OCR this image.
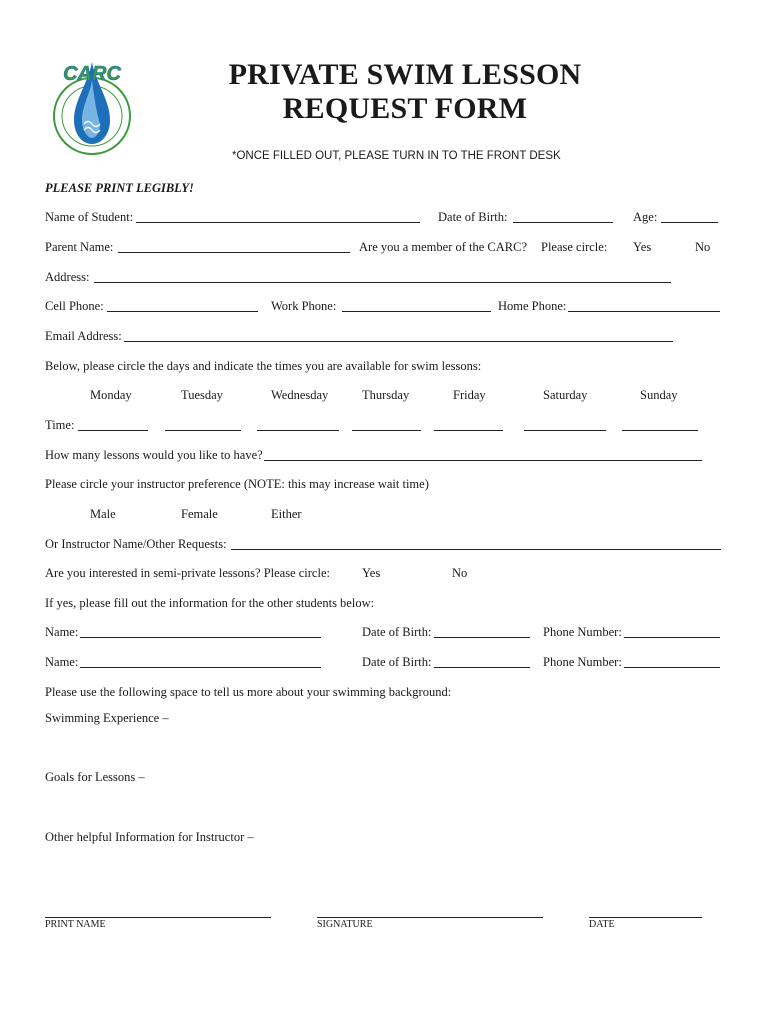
CARC	PRIVATE SWIM LESSON
REQUEST FORM
*ONCE FILLED OUT, PLEASE TURN IN TO THE FRONT DESK
PLEASE PRINT LEGIBLY!
Name of Student:	Date of Birth:	Age:
Parent Name:	Are you a member of the CARC? Please circle: Yes	No
Address:
Cell Phone:	Work Phone:	Home Phone:
Email Address:
Below, please circle the days and indicate the times you are available for swim lessons:
Monday	Tuesday	Wednesday	Thursday	Friday	Saturday	Sunday
Time:
How many lessons would you like to have?
Please circle your instructor preference (NOTE: this may increase wait time)
Male	Female	Either
Or Instructor Name/Other Requests:
Are you interested in semi-private lessons? Please circle:	Yes	No
If yes, please fill out the information for the other students below:
Name:	Date of Birth:	Phone Number:
Name:	Date of Birth:	Phone Number:
Please use the following space to tell us more about your swimming background:
Swimming Experience –
Goals for Lessons –
Other helpful Information for Instructor –
PRINT NAME	SIGNATURE	DATE
